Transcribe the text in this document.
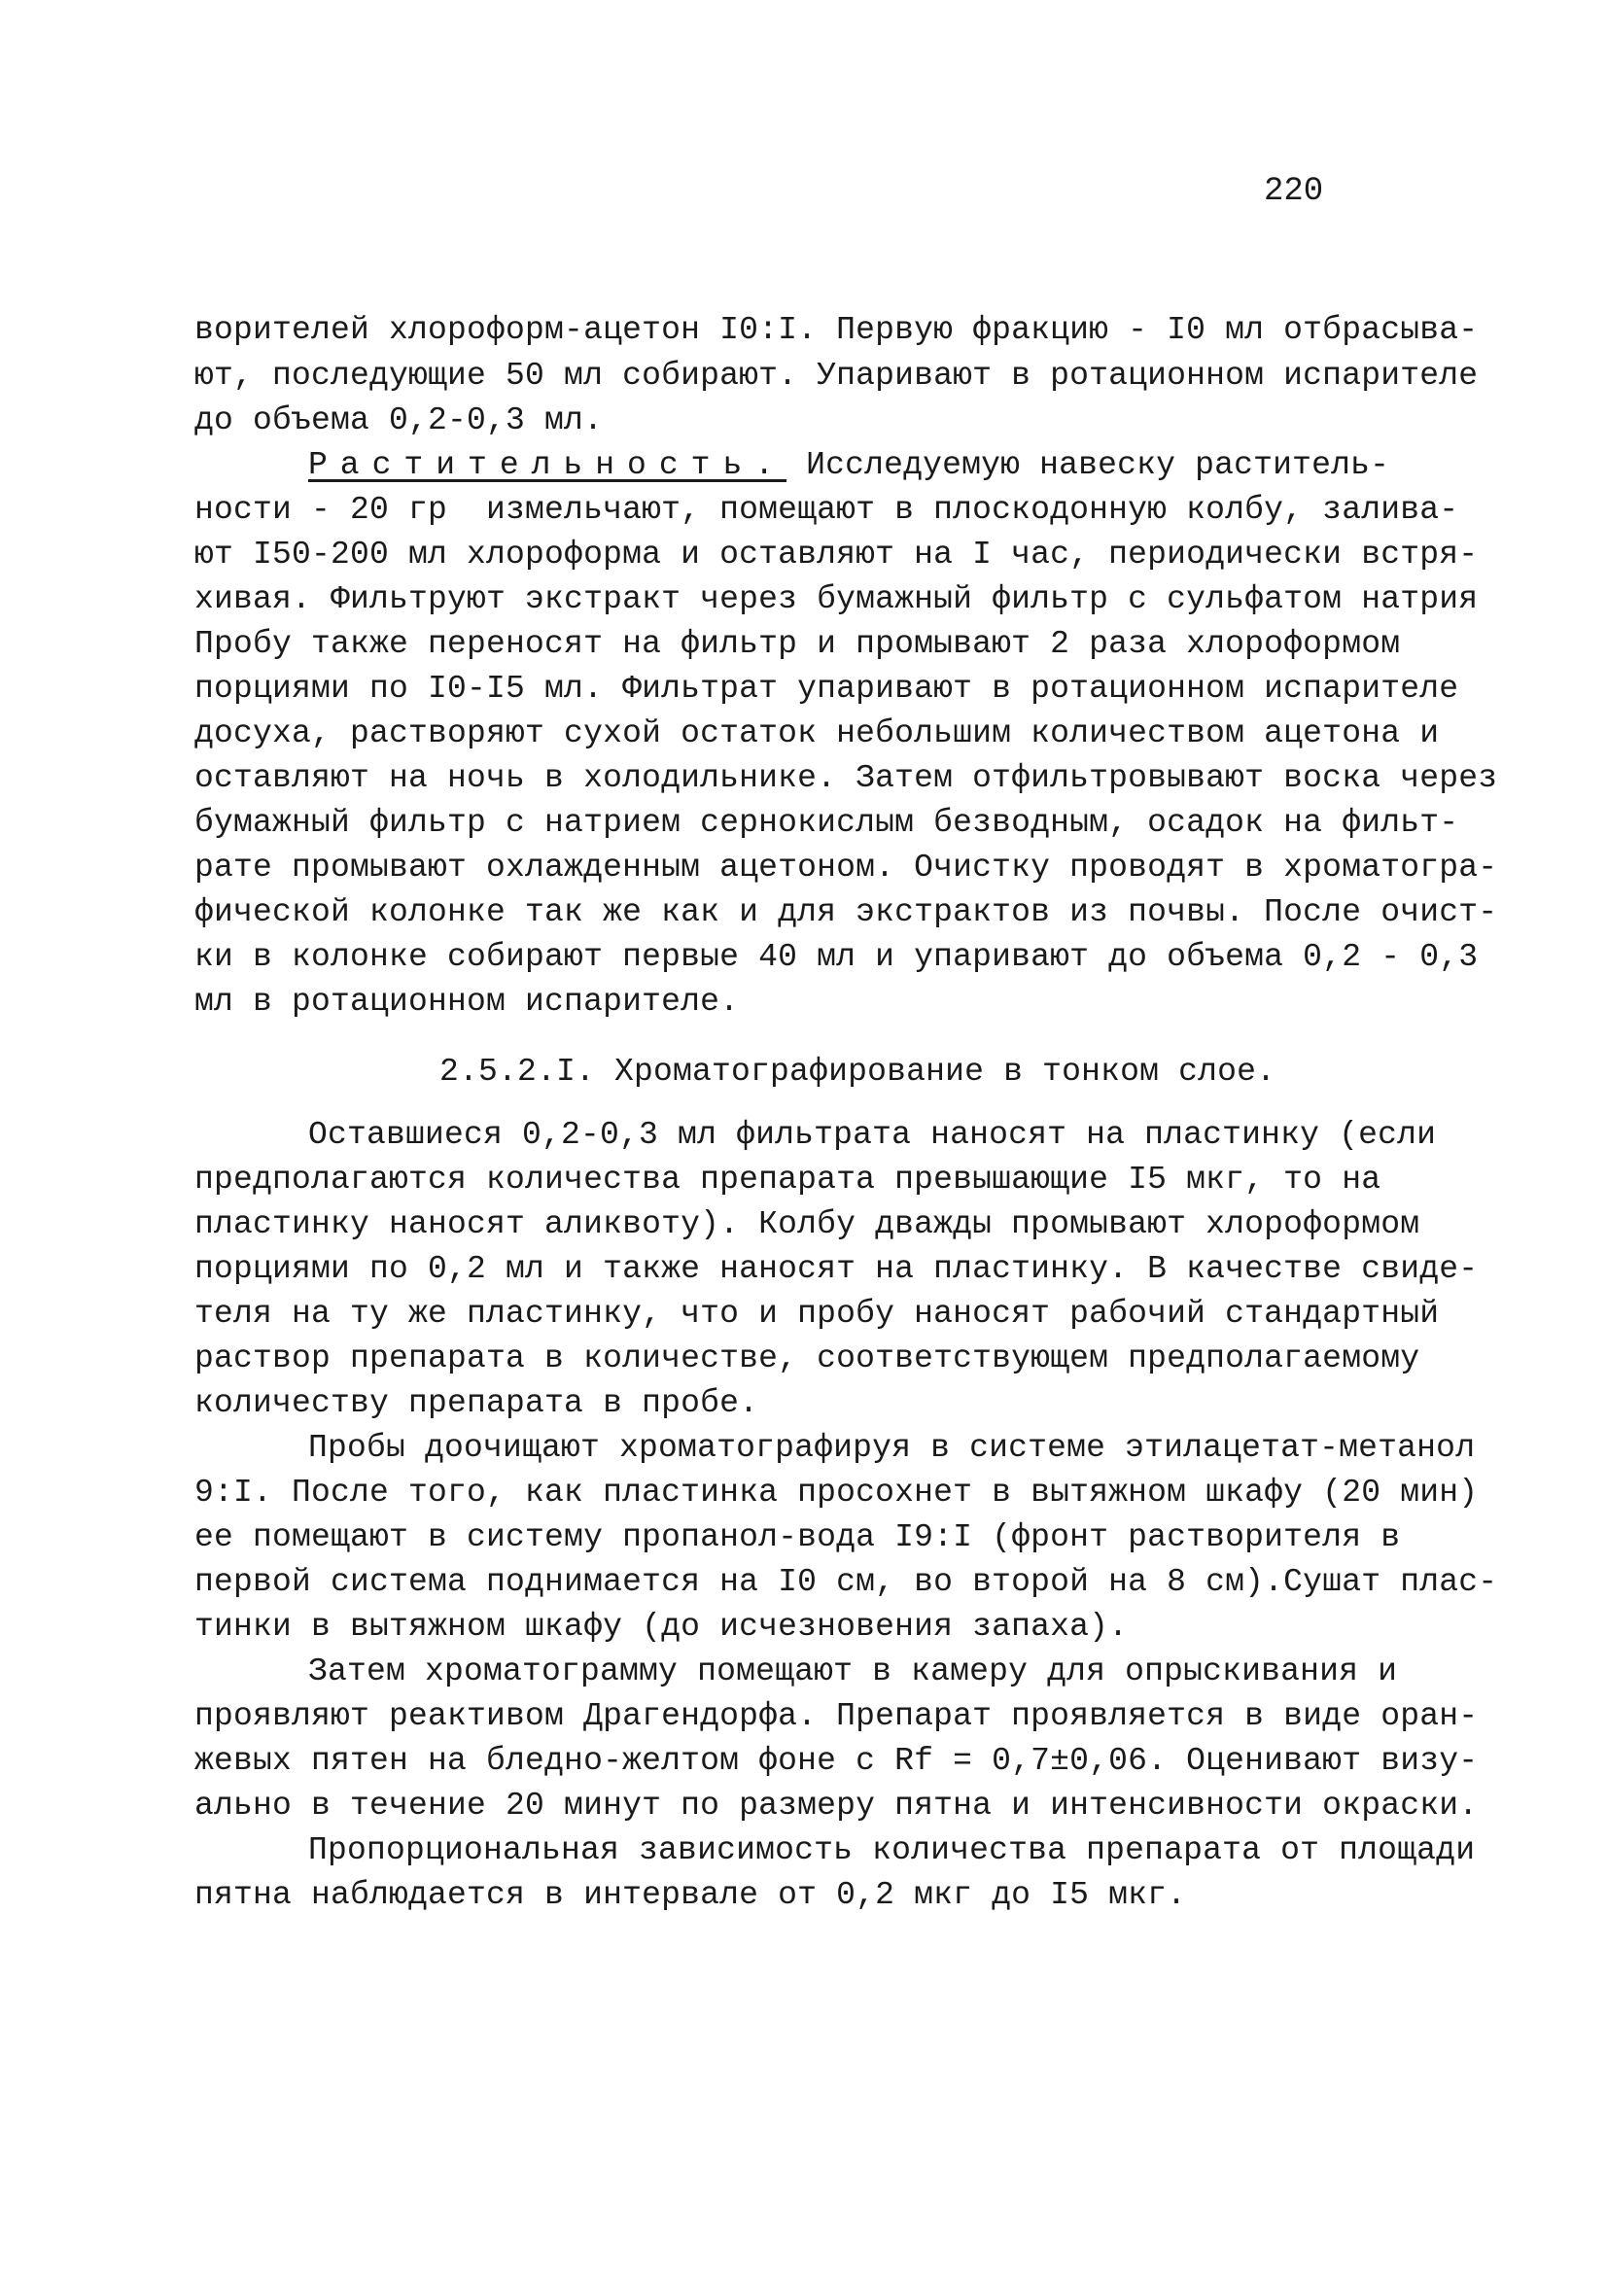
220
ворителей хлороформ-ацетон I0:I. Первую фракцию - I0 мл отбрасыва-
ют, последующие 50 мл собирают. Упаривают в ротационном испарителе
до объема 0,2-0,3 мл.
Растительность. Исследуемую навеску раститель-
ности - 20 гр  измельчают, помещают в плоскодонную колбу, залива-
ют I50-200 мл хлороформа и оставляют на I час, периодически встря-
хивая. Фильтруют экстракт через бумажный фильтр с сульфатом натрия
Пробу также переносят на фильтр и промывают 2 раза хлороформом
порциями по I0-I5 мл. Фильтрат упаривают в ротационном испарителе
досуха, растворяют сухой остаток небольшим количеством ацетона и
оставляют на ночь в холодильнике. Затем отфильтровывают воска через
бумажный фильтр с натрием сернокислым безводным, осадок на фильт-
рате промывают охлажденным ацетоном. Очистку проводят в хроматогра-
фической колонке так же как и для экстрактов из почвы. После очист-
ки в колонке собирают первые 40 мл и упаривают до объема 0,2 - 0,3
мл в ротационном испарителе.
2.5.2.I. Хроматографирование в тонком слое.
Оставшиеся 0,2-0,3 мл фильтрата наносят на пластинку (если
предполагаются количества препарата превышающие I5 мкг, то на
пластинку наносят аликвоту). Колбу дважды промывают хлороформом
порциями по 0,2 мл и также наносят на пластинку. В качестве свиде-
теля на ту же пластинку, что и пробу наносят рабочий стандартный
раствор препарата в количестве, соответствующем предполагаемому
количеству препарата в пробе.
Пробы доочищают хроматографируя в системе этилацетат-метанол
9:I. После того, как пластинка просохнет в вытяжном шкафу (20 мин)
ее помещают в систему пропанол-вода I9:I (фронт растворителя в
первой система поднимается на I0 см, во второй на 8 см).Сушат плас-
тинки в вытяжном шкафу (до исчезновения запаха).
Затем хроматограмму помещают в камеру для опрыскивания и
проявляют реактивом Драгендорфа. Препарат проявляется в виде оран-
жевых пятен на бледно-желтом фоне с Rf = 0,7±0,06. Оценивают визу-
ально в течение 20 минут по размеру пятна и интенсивности окраски.
Пропорциональная зависимость количества препарата от площади
пятна наблюдается в интервале от 0,2 мкг до I5 мкг.
